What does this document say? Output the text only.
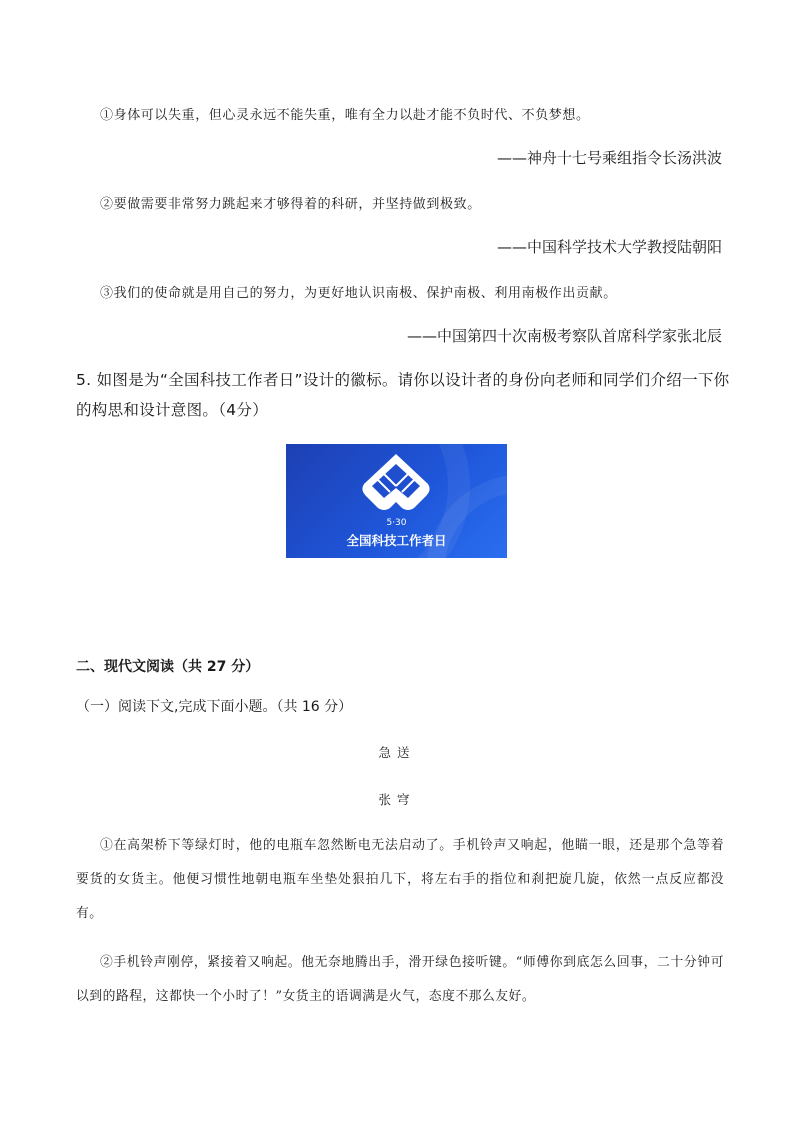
①身体可以失重，但心灵永远不能失重，唯有全力以赴才能不负时代、不负梦想。
——神舟十七号乘组指令长汤洪波
②要做需要非常努力跳起来才够得着的科研，并坚持做到极致。
——中国科学技术大学教授陆朝阳
③我们的使命就是用自己的努力，为更好地认识南极、保护南极、利用南极作出贡献。
——中国第四十次南极考察队首席科学家张北辰
5. 如图是为“全国科技工作者日”设计的徽标。请你以设计者的身份向老师和同学们介绍一下你的构思和设计意图。（4分）
5·30
全国科技工作者日
二、现代文阅读（共 27 分）
（一）阅读下文,完成下面小题。（共 16 分）
急送
张穹
①在高架桥下等绿灯时，他的电瓶车忽然断电无法启动了。手机铃声又响起，他瞄一眼，还是那个急等着要货的女货主。他便习惯性地朝电瓶车坐垫处狠拍几下，将左右手的指位和刹把旋几旋，依然一点反应都没有。
②手机铃声刚停，紧接着又响起。他无奈地腾出手，滑开绿色接听键。“师傅你到底怎么回事，二十分钟可以到的路程，这都快一个小时了！”女货主的语调满是火气，态度不那么友好。
